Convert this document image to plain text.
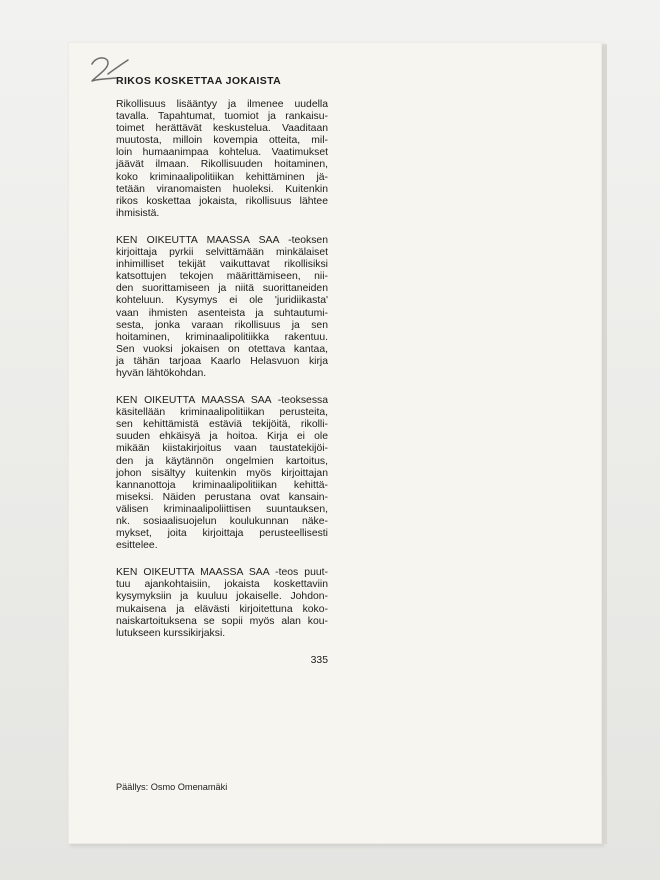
RIKOS KOSKETTAA JOKAISTA
Rikollisuus lisääntyy ja ilmenee uudella
tavalla. Tapahtumat, tuomiot ja rankaisu-
toimet herättävät keskustelua. Vaaditaan
muutosta, milloin kovempia otteita, mil-
loin humaanimpaa kohtelua. Vaatimukset
jäävät ilmaan. Rikollisuuden hoitaminen,
koko kriminaalipolitiikan kehittäminen jä-
tetään viranomaisten huoleksi. Kuitenkin
rikos koskettaa jokaista, rikollisuus lähtee
ihmisistä.
KEN OIKEUTTA MAASSA SAA -teoksen
kirjoittaja pyrkii selvittämään minkälaiset
inhimilliset tekijät vaikuttavat rikollisiksi
katsottujen tekojen määrittämiseen, nii-
den suorittamiseen ja niitä suorittaneiden
kohteluun. Kysymys ei ole 'juridiikasta'
vaan ihmisten asenteista ja suhtautumi-
sesta, jonka varaan rikollisuus ja sen
hoitaminen, kriminaalipolitiikka rakentuu.
Sen vuoksi jokaisen on otettava kantaa,
ja tähän tarjoaa Kaarlo Helasvuon kirja
hyvän lähtökohdan.
KEN OIKEUTTA MAASSA SAA -teoksessa
käsitellään kriminaalipolitiikan perusteita,
sen kehittämistä estäviä tekijöitä, rikolli-
suuden ehkäisyä ja hoitoa. Kirja ei ole
mikään kiistakirjoitus vaan taustatekijöi-
den ja käytännön ongelmien kartoitus,
johon sisältyy kuitenkin myös kirjoittajan
kannanottoja kriminaalipolitiikan kehittä-
miseksi. Näiden perustana ovat kansain-
välisen kriminaalipoliittisen suuntauksen,
nk. sosiaalisuojelun koulukunnan näke-
mykset, joita kirjoittaja perusteellisesti
esittelee.
KEN OIKEUTTA MAASSA SAA -teos puut-
tuu ajankohtaisiin, jokaista koskettaviin
kysymyksiin ja kuuluu jokaiselle. Johdon-
mukaisena ja elävästi kirjoitettuna koko-
naiskartoituksena se sopii myös alan kou-
lutukseen kurssikirjaksi.
335
Päällys: Osmo Omenamäki
